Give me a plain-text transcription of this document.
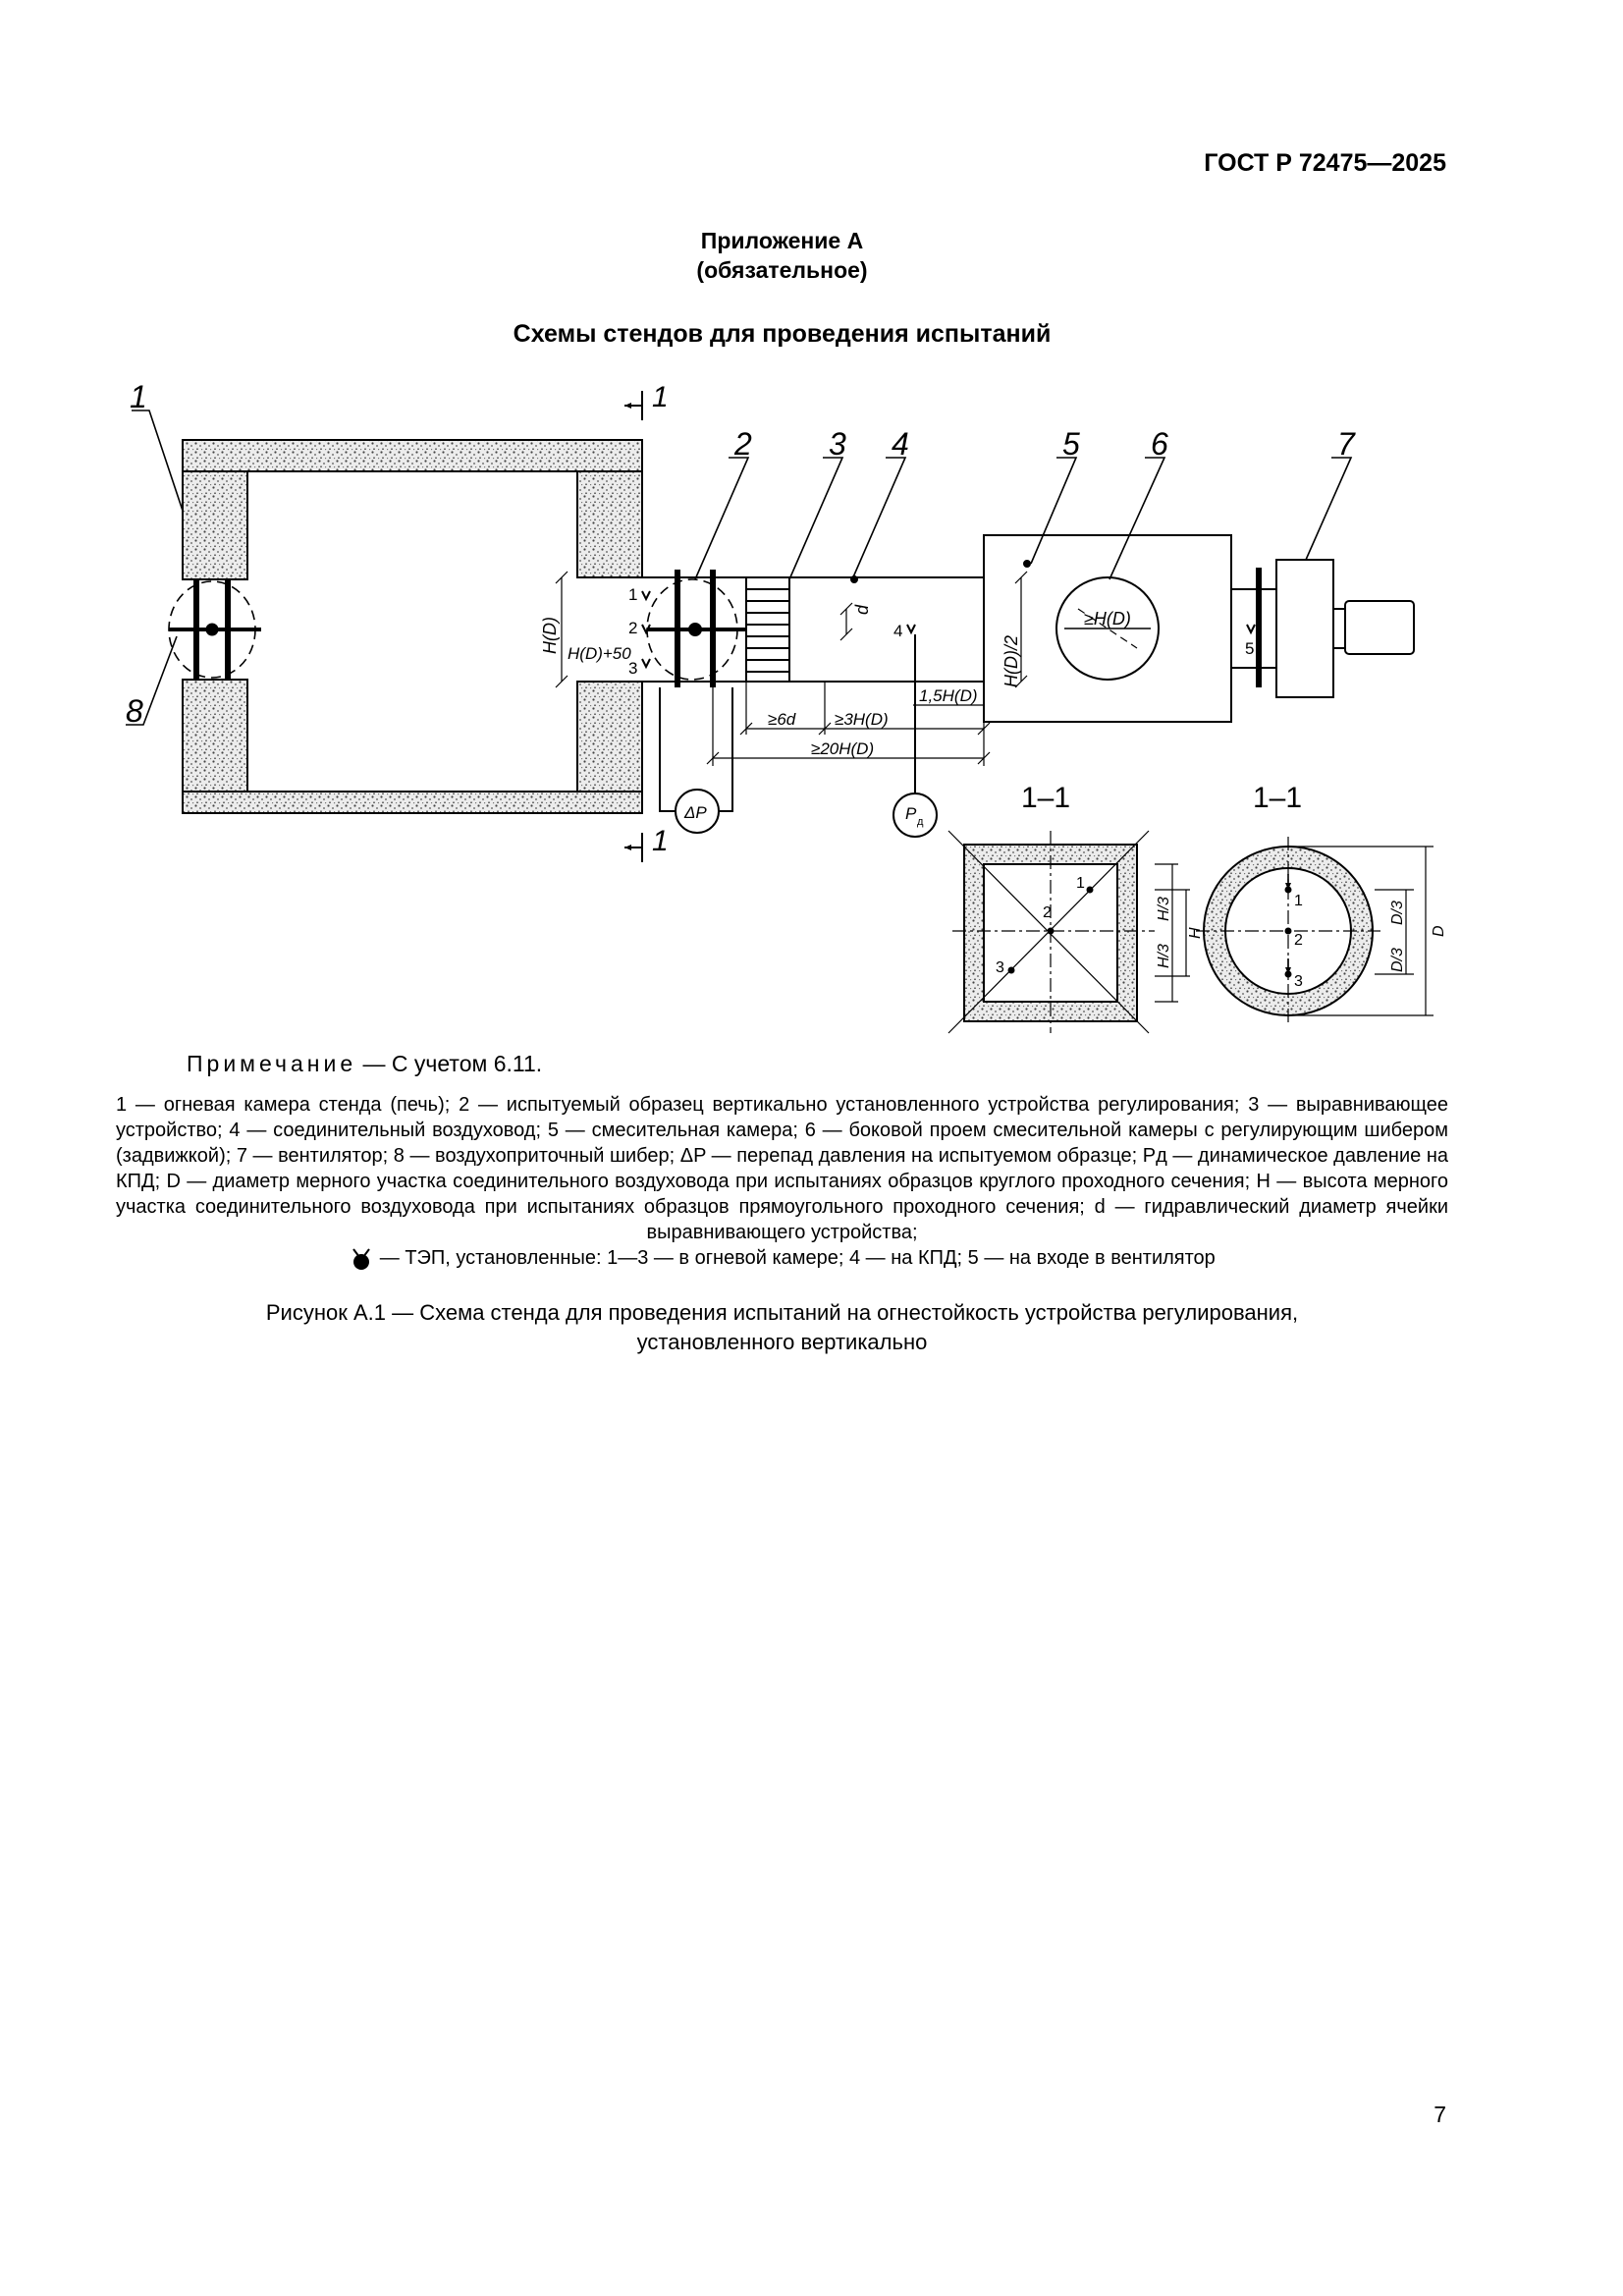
ГОСТ Р 72475—2025
Приложение А
(обязательное)
Схемы стендов для проведения испытаний
1
1
1
2 3 4	5 6	7
8
1
2
3
4
5
H(D) H(D)+50	H(D)/2
d
≥6d ≥3H(D)
1,5H(D)
≥20H(D)
≥H(D)
ΔP	P д
1–1	1–1
1
2
3
H/3
H/3
H
1
2
3
D/3
D/3
D
Примечание — С учетом 6.11.

1 — огневая камера стенда (печь); 2 — испытуемый образец вертикально установленного устройства регулирования; 3 — выравнивающее устройство; 4 — соединительный воздуховод; 5 — смесительная камера; 6 — боковой проем смесительной камеры с регулирующим шибером (задвижкой); 7 — вентилятор; 8 — воздухоприточный шибер; ΔP — перепад давления на испытуемом образце; Pд — динамическое давление на КПД; D — диаметр мерного участка соединительного воздуховода при испытаниях образцов круглого проходного сечения; H — высота мерного участка соединительного воздуховода при испытаниях образцов прямоугольного проходного сечения; d — гидравлический диаметр ячейки выравнивающего устройства;

— ТЭП, установленные: 1—3 — в огневой камере; 4 — на КПД; 5 — на входе в вентилятор

Рисунок А.1 — Схема стенда для проведения испытаний на огнестойкость устройства регулирования,
установленного вертикально
7
